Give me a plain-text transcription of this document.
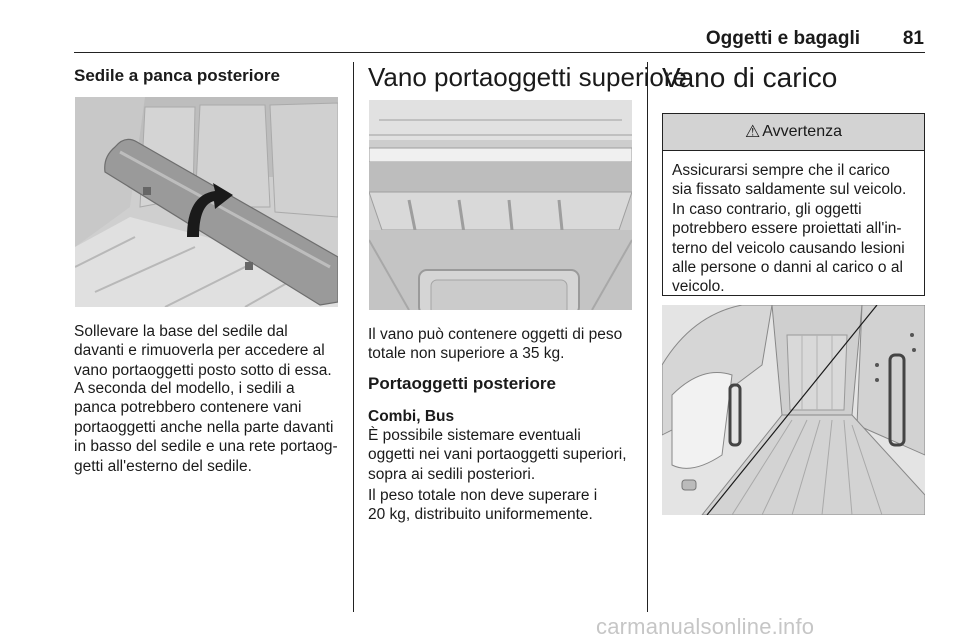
Oggetti e bagagli	81
Sedile a panca posteriore

Sollevare la base del sedile dal
davanti e rimuoverla per accedere al
vano portaoggetti posto sotto di essa.

A seconda del modello, i sedili a
panca potrebbero contenere vani
portaoggetti anche nella parte davanti
in basso del sedile e una rete portaog-
getti all'esterno del sedile.

Vano portaoggetti superiore

Il vano può contenere oggetti di peso
totale non superiore a 35 kg.

Portaoggetti posteriore

Combi, Bus

È possibile sistemare eventuali
oggetti nei vani portaoggetti superiori,
sopra ai sedili posteriori.

Il peso totale non deve superare i
20 kg, distribuito uniformemente.

Vano di carico
⚠ Avvertenza
Assicurarsi sempre che il carico
sia fissato saldamente sul veicolo.
In caso contrario, gli oggetti
potrebbero essere proiettati all'in-
terno del veicolo causando lesioni
alle persone o danni al carico o al
veicolo.
carmanualsonline.info
